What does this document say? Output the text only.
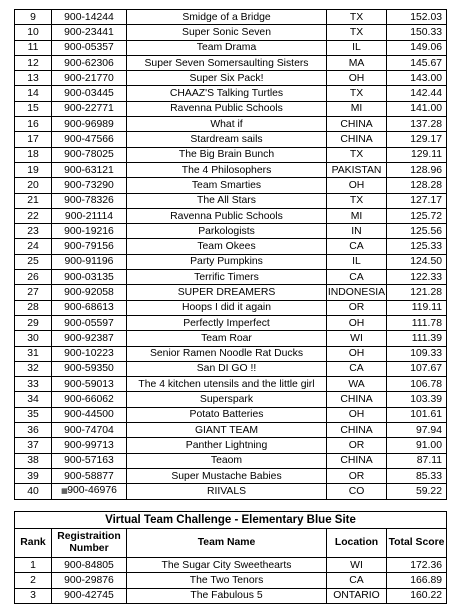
9	900-14244	Smidge of a Bridge	TX	152.03
10	900-23441	Super Sonic Seven	TX	150.33
11	900-05357	Team Drama	IL	149.06
12	900-62306	Super Seven Somersaulting Sisters	MA	145.67
13	900-21770	Super Six Pack!	OH	143.00
14	900-03445	CHAAZ'S Talking Turtles	TX	142.44
15	900-22771	Ravenna Public Schools	MI	141.00
16	900-96989	What if	CHINA	137.28
17	900-47566	Stardream sails	CHINA	129.17
18	900-78025	The Big Brain Bunch	TX	129.11
19	900-63121	The 4 Philosophers	PAKISTAN	128.96
20	900-73290	Team Smarties	OH	128.28
21	900-78326	The All Stars	TX	127.17
22	900-21114	Ravenna Public Schools	MI	125.72
23	900-19216	Parkologists	IN	125.56
24	900-79156	Team Okees	CA	125.33
25	900-91196	Party Pumpkins	IL	124.50
26	900-03135	Terrific Timers	CA	122.33
27	900-92058	SUPER DREAMERS	INDONESIA	121.28
28	900-68613	Hoops I did it again	OR	119.11
29	900-05597	Perfectly Imperfect	OH	111.78
30	900-92387	Team Roar	WI	111.39
31	900-10223	Senior Ramen Noodle Rat Ducks	OH	109.33
32	900-59350	San DI GO !!	CA	107.67
33	900-59013	The 4 kitchen utensils and the little girl	WA	106.78
34	900-66062	Superspark	CHINA	103.39
35	900-44500	Potato Batteries	OH	101.61
36	900-74704	GIANT TEAM	CHINA	97.94
37	900-99713	Panther Lightning	OR	91.00
38	900-57163	Teaom	CHINA	87.11
39	900-58877	Super Mustache Babies	OR	85.33
40	▦900-46976	RIIVALS	CO	59.22
Virtual Team Challenge - Elementary Blue Site				
Rank	Registraition Number	Team Name	Location	Total Score
1	900-84805	The Sugar City Sweethearts	WI	172.36
2	900-29876	The Two Tenors	CA	166.89
3	900-42745	The Fabulous 5	ONTARIO	160.22
